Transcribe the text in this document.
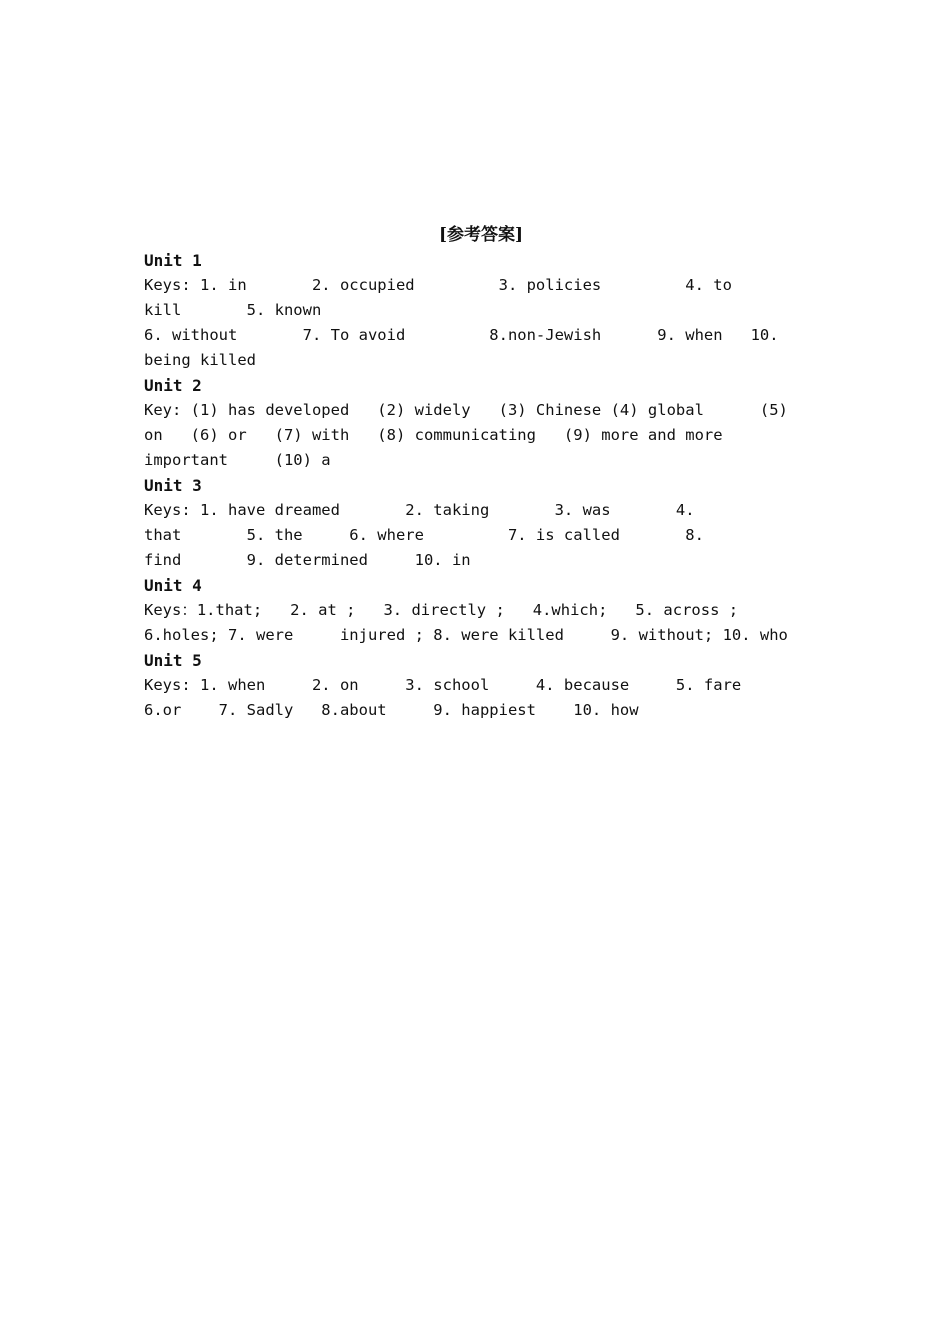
[参考答案]
Unit 1
Keys: 1. in       2. occupied         3. policies         4. to
kill       5. known
6. without       7. To avoid         8.non-Jewish      9. when   10.
being killed
Unit 2
Key: (1) has developed   (2) widely   (3) Chinese (4) global      (5)
on   (6) or   (7) with   (8) communicating   (9) more and more
important     (10) a
Unit 3
Keys: 1. have dreamed       2. taking       3. was       4.
that       5. the     6. where         7. is called       8.
find       9. determined     10. in
Unit 4
Keys：1.that;   2. at ;   3. directly ;   4.which;   5. across ;
6.holes; 7. were     injured ; 8. were killed     9. without; 10. who
Unit 5
Keys: 1. when     2. on     3. school     4. because     5. fare
6.or    7. Sadly   8.about     9. happiest    10. how
